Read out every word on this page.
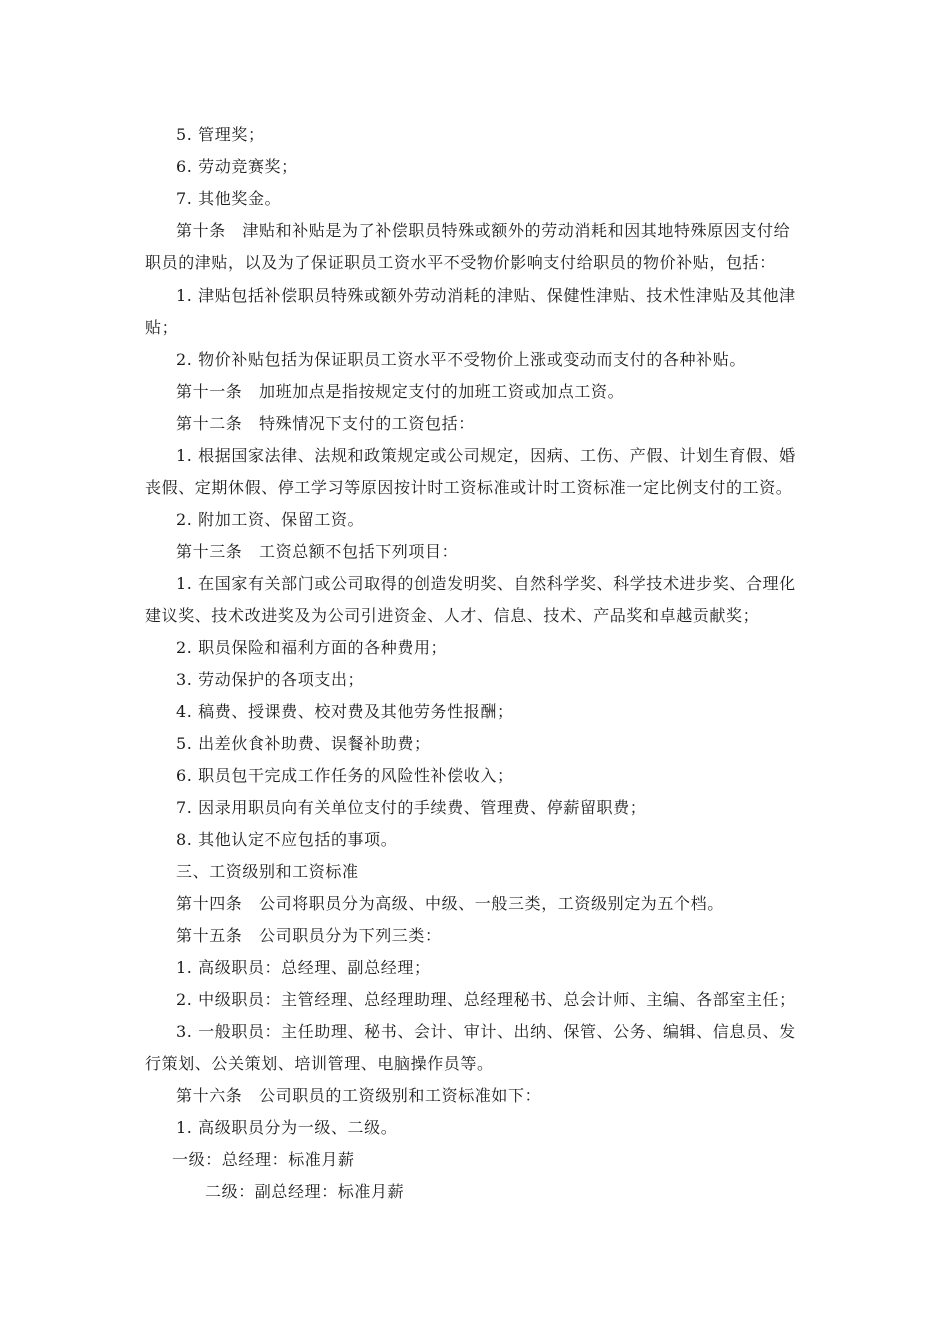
5. 管理奖；
6. 劳动竞赛奖；
7. 其他奖金。
第十条　津贴和补贴是为了补偿职员特殊或额外的劳动消耗和因其地特殊原因支付给
职员的津贴，以及为了保证职员工资水平不受物价影响支付给职员的物价补贴，包括：
1. 津贴包括补偿职员特殊或额外劳动消耗的津贴、保健性津贴、技术性津贴及其他津
贴；
2. 物价补贴包括为保证职员工资水平不受物价上涨或变动而支付的各种补贴。
第十一条　加班加点是指按规定支付的加班工资或加点工资。
第十二条　特殊情况下支付的工资包括：
1. 根据国家法律、法规和政策规定或公司规定，因病、工伤、产假、计划生育假、婚
丧假、定期休假、停工学习等原因按计时工资标准或计时工资标准一定比例支付的工资。
2. 附加工资、保留工资。
第十三条　工资总额不包括下列项目：
1. 在国家有关部门或公司取得的创造发明奖、自然科学奖、科学技术进步奖、合理化
建议奖、技术改进奖及为公司引进资金、人才、信息、技术、产品奖和卓越贡献奖；
2. 职员保险和福利方面的各种费用；
3. 劳动保护的各项支出；
4. 稿费、授课费、校对费及其他劳务性报酬；
5. 出差伙食补助费、误餐补助费；
6. 职员包干完成工作任务的风险性补偿收入；
7. 因录用职员向有关单位支付的手续费、管理费、停薪留职费；
8. 其他认定不应包括的事项。
三、工资级别和工资标准
第十四条　公司将职员分为高级、中级、一般三类，工资级别定为五个档。
第十五条　公司职员分为下列三类：
1. 高级职员：总经理、副总经理；
2. 中级职员：主管经理、总经理助理、总经理秘书、总会计师、主编、各部室主任；
3. 一般职员：主任助理、秘书、会计、审计、出纳、保管、公务、编辑、信息员、发
行策划、公关策划、培训管理、电脑操作员等。
第十六条　公司职员的工资级别和工资标准如下：
1. 高级职员分为一级、二级。
一级：总经理：标准月薪
二级：副总经理：标准月薪
